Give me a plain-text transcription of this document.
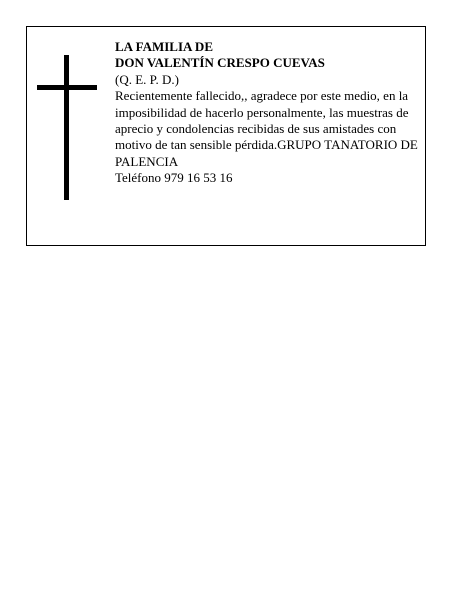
LA FAMILIA DE
DON VALENTÍN CRESPO CUEVAS
(Q. E. P. D.)

Recientemente fallecido,, agradece por este medio, en la imposibilidad de hacerlo personalmente, las muestras de aprecio y condolencias recibidas de sus amistades con motivo de tan sensible pérdida.GRUPO TANATORIO DE PALENCIA

Teléfono 979 16 53 16
